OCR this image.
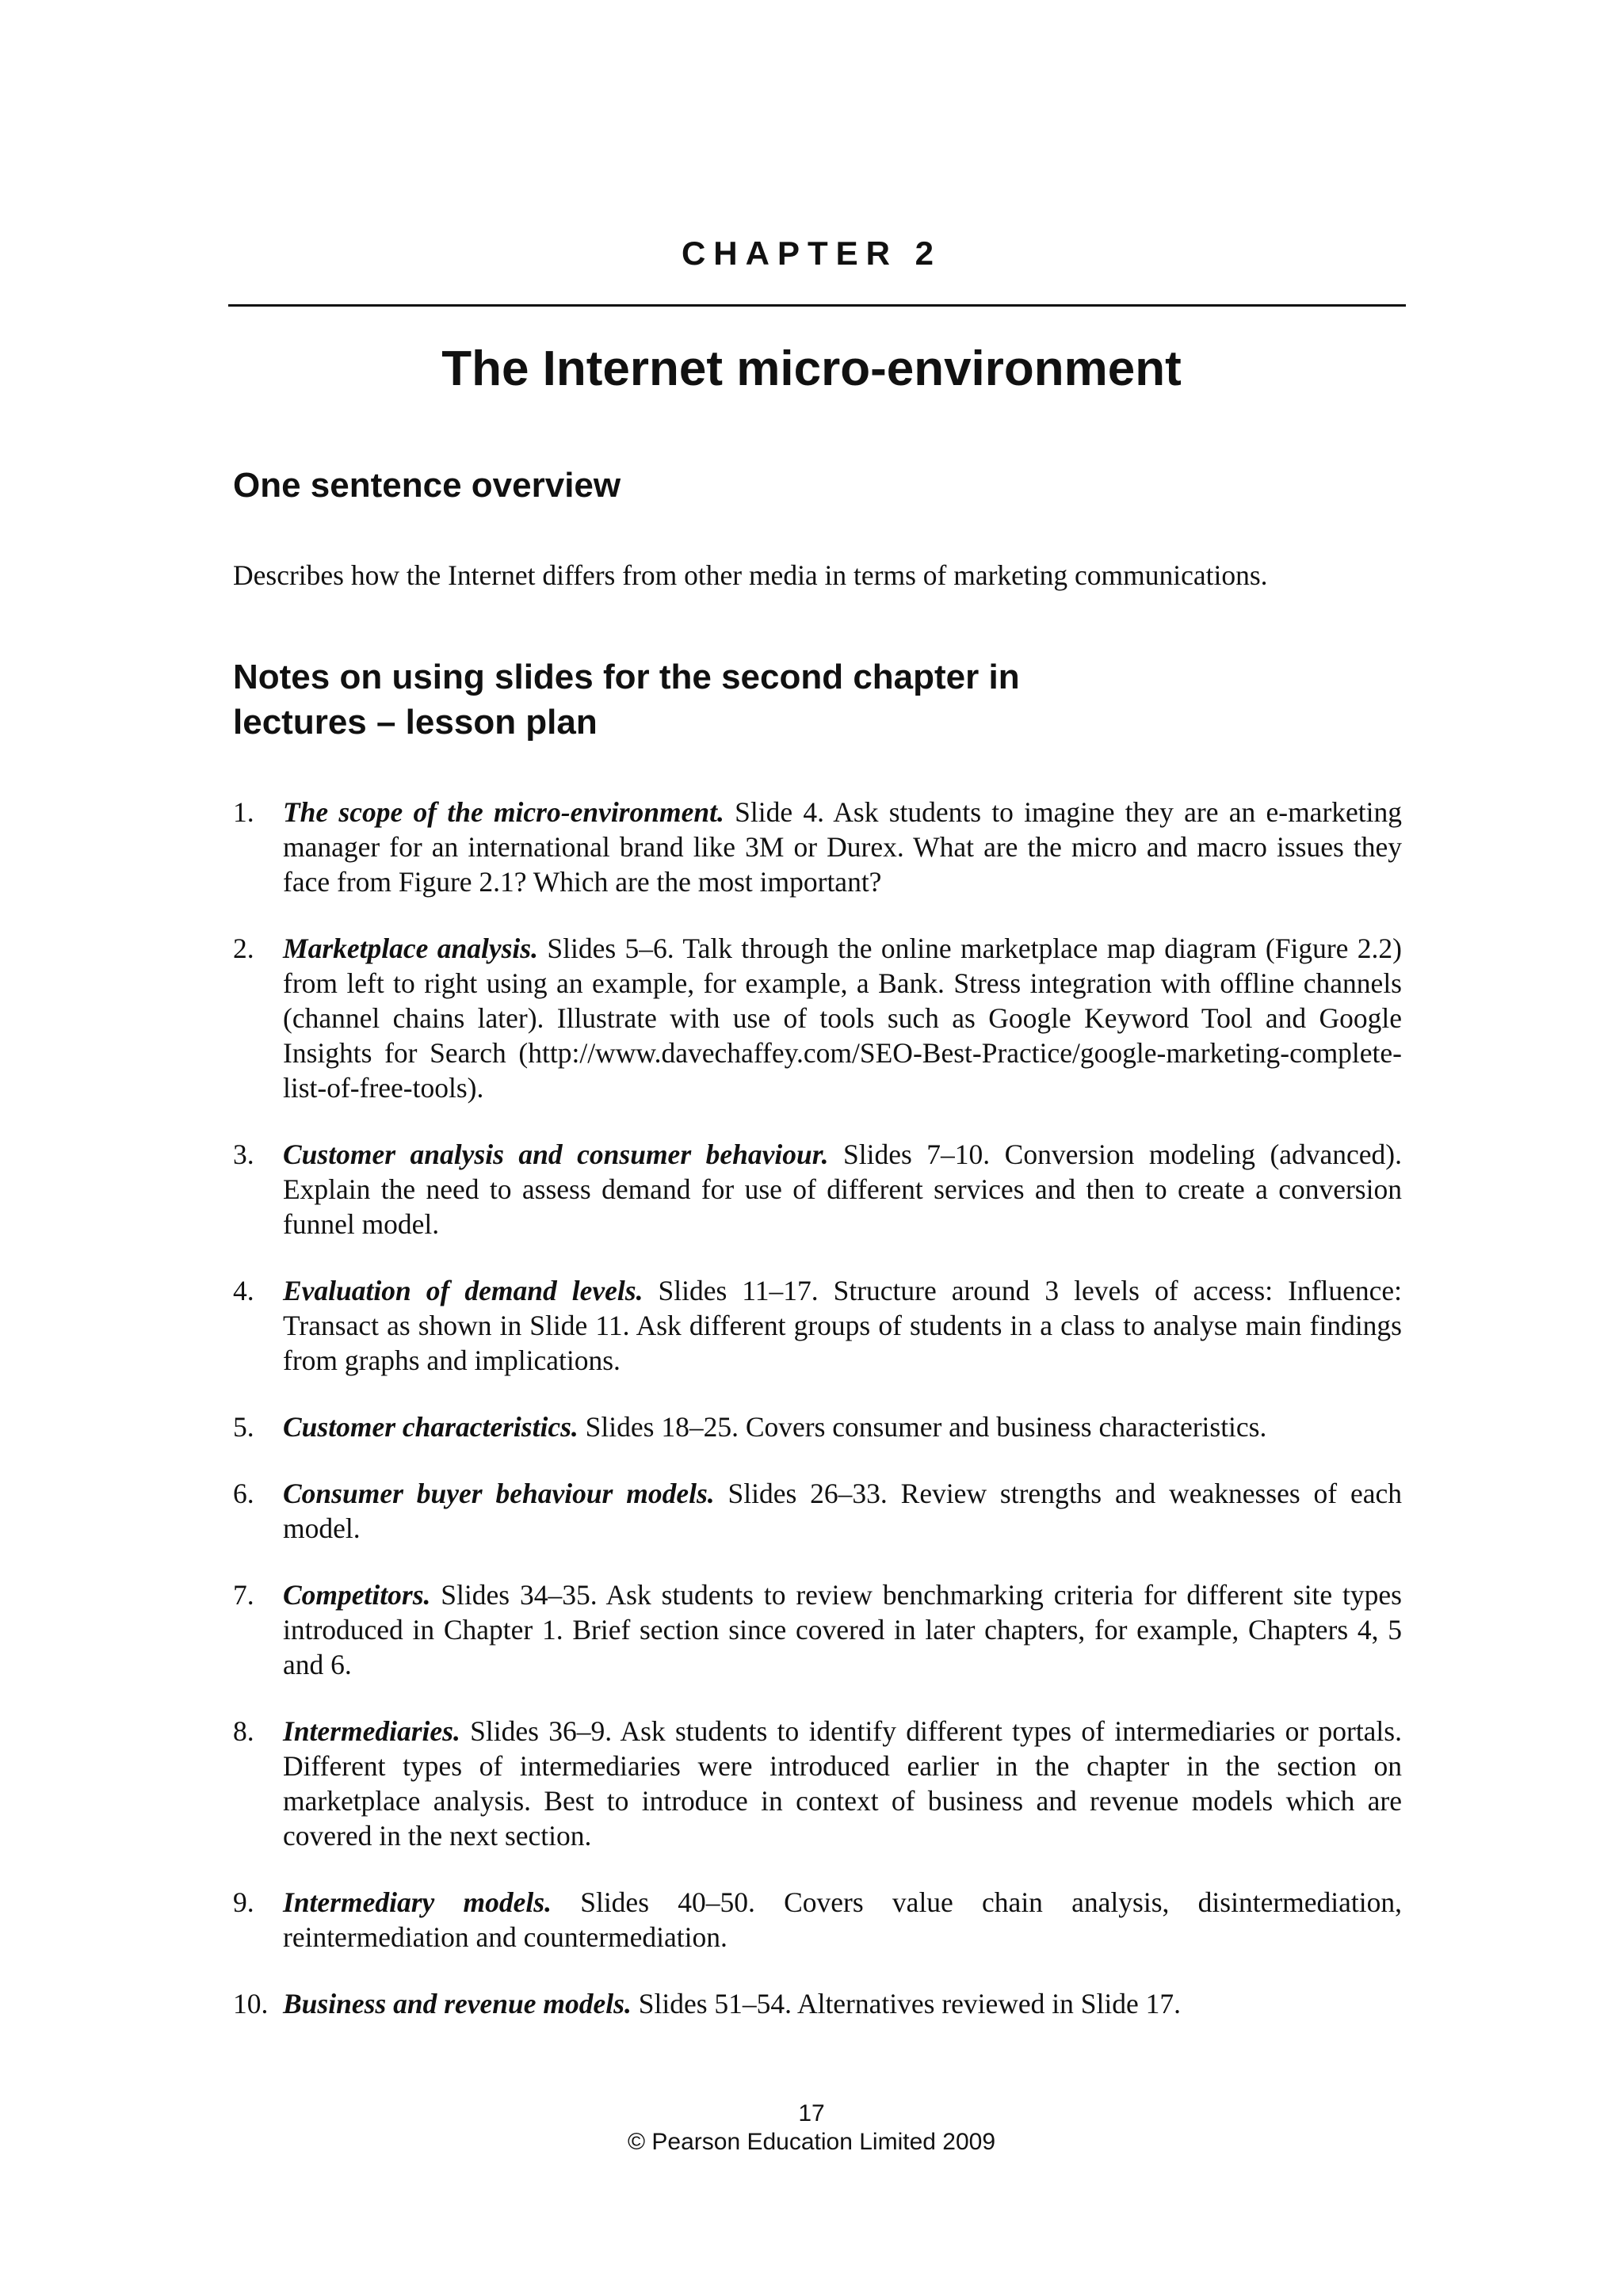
CHAPTER 2
The Internet micro-environment
One sentence overview

Describes how the Internet differs from other media in terms of marketing communications.

Notes on using slides for the second chapter in
lectures – lesson plan
1. The scope of the micro-environment. Slide 4. Ask students to imagine they are an e-marketing manager for an international brand like 3M or Durex. What are the micro and macro issues they face from Figure 2.1? Which are the most important?
2. Marketplace analysis. Slides 5–6. Talk through the online marketplace map diagram (Figure 2.2) from left to right using an example, for example, a Bank. Stress integration with offline channels (channel chains later). Illustrate with use of tools such as Google Keyword Tool and Google Insights for Search (http://www.davechaffey.com/SEO-Best-Practice/google-marketing-complete-list-of-free-tools).
3. Customer analysis and consumer behaviour. Slides 7–10. Conversion modeling (advanced). Explain the need to assess demand for use of different services and then to create a conversion funnel model.
4. Evaluation of demand levels. Slides 11–17. Structure around 3 levels of access: Influence: Transact as shown in Slide 11. Ask different groups of students in a class to analyse main findings from graphs and implications.
5. Customer characteristics. Slides 18–25. Covers consumer and business characteristics.
6. Consumer buyer behaviour models. Slides 26–33. Review strengths and weaknesses of each model.
7. Competitors. Slides 34–35. Ask students to review benchmarking criteria for different site types introduced in Chapter 1. Brief section since covered in later chapters, for example, Chapters 4, 5 and 6.
8. Intermediaries. Slides 36–9. Ask students to identify different types of intermediaries or portals. Different types of intermediaries were introduced earlier in the chapter in the section on marketplace analysis. Best to introduce in context of business and revenue models which are covered in the next section.
9. Intermediary models. Slides 40–50. Covers value chain analysis, disintermediation, reintermediation and countermediation.
10. Business and revenue models. Slides 51–54. Alternatives reviewed in Slide 17.
17
© Pearson Education Limited 2009
